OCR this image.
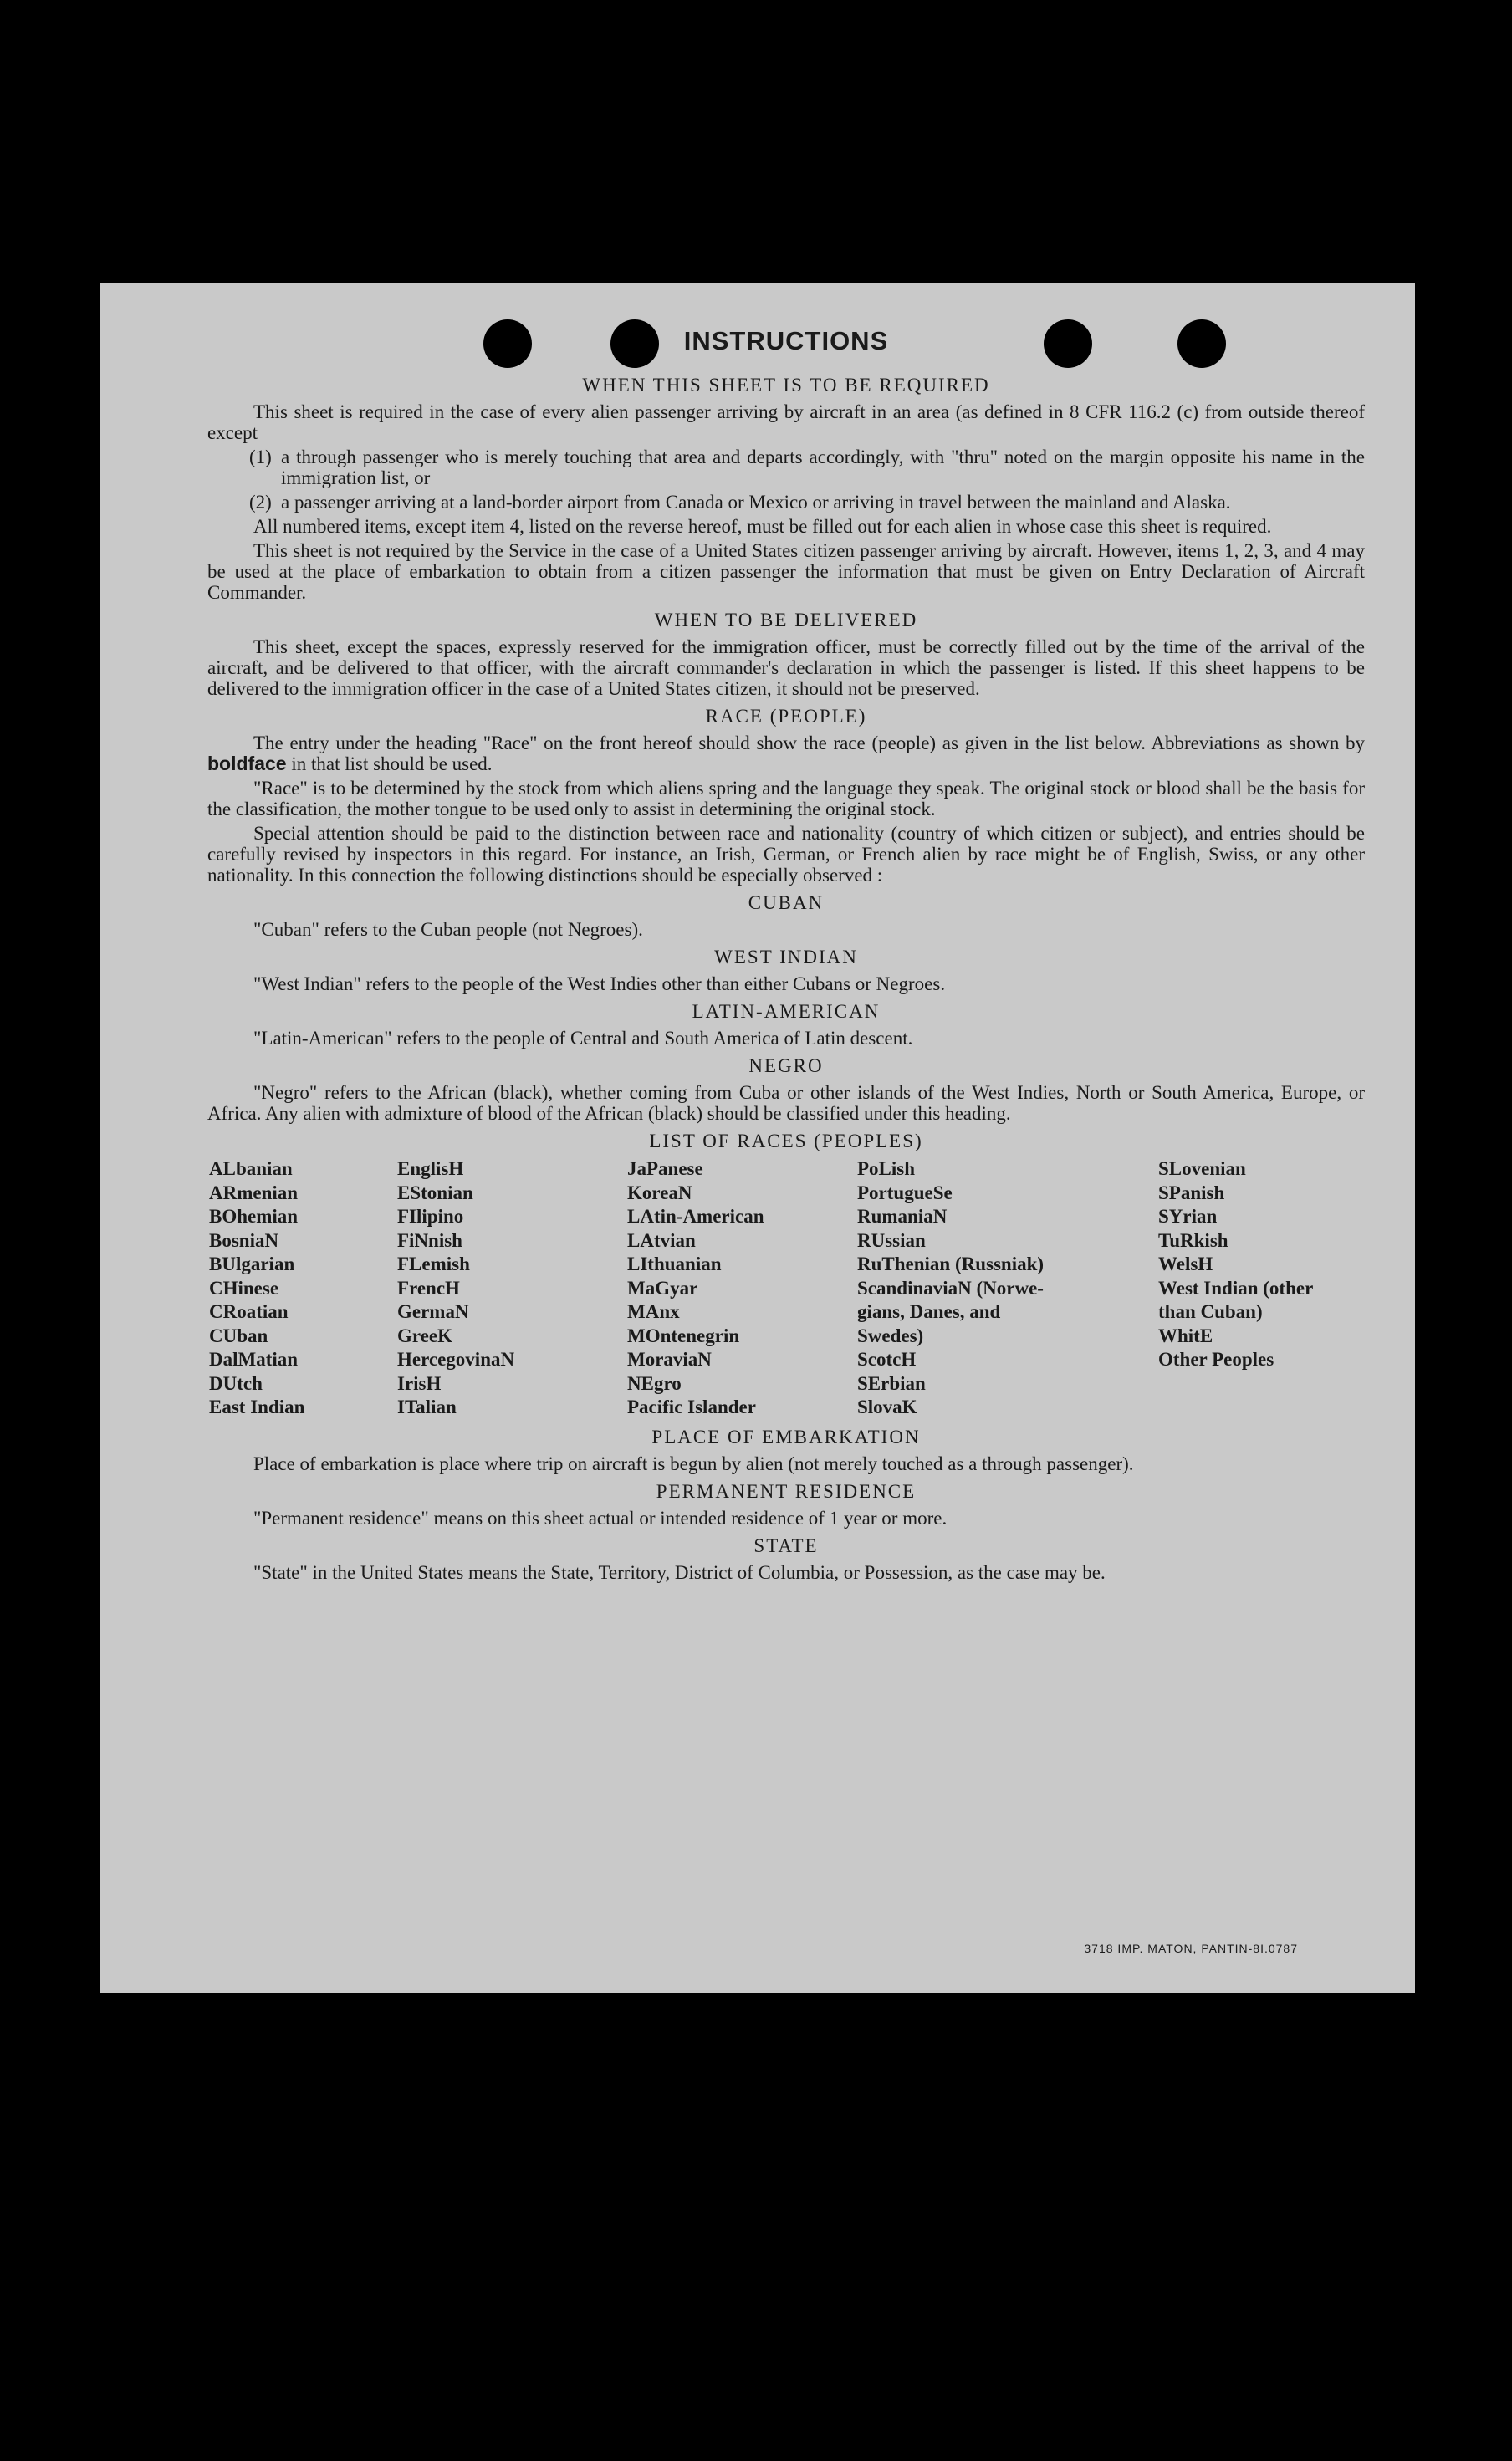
INSTRUCTIONS
WHEN THIS SHEET IS TO BE REQUIRED

This sheet is required in the case of every alien passenger arriving by aircraft in an area (as defined in 8 CFR 116.2 (c) from outside thereof except

(1) a through passenger who is merely touching that area and departs accordingly, with "thru" noted on the margin opposite his name in the immigration list, or

(2) a passenger arriving at a land-border airport from Canada or Mexico or arriving in travel between the mainland and Alaska.

All numbered items, except item 4, listed on the reverse hereof, must be filled out for each alien in whose case this sheet is required.

This sheet is not required by the Service in the case of a United States citizen passenger arriving by aircraft. However, items 1, 2, 3, and 4 may be used at the place of embarkation to obtain from a citizen passenger the information that must be given on Entry Declaration of Aircraft Commander.

WHEN TO BE DELIVERED

This sheet, except the spaces, expressly reserved for the immigration officer, must be correctly filled out by the time of the arrival of the aircraft, and be delivered to that officer, with the aircraft commander's declaration in which the passenger is listed. If this sheet happens to be delivered to the immigration officer in the case of a United States citizen, it should not be preserved.

RACE (PEOPLE)

The entry under the heading "Race" on the front hereof should show the race (people) as given in the list below. Abbreviations as shown by boldface in that list should be used.

"Race" is to be determined by the stock from which aliens spring and the language they speak. The original stock or blood shall be the basis for the classification, the mother tongue to be used only to assist in determining the original stock.

Special attention should be paid to the distinction between race and nationality (country of which citizen or subject), and entries should be carefully revised by inspectors in this regard. For instance, an Irish, German, or French alien by race might be of English, Swiss, or any other nationality. In this connection the following distinctions should be especially observed :

CUBAN

"Cuban" refers to the Cuban people (not Negroes).

WEST INDIAN

"West Indian" refers to the people of the West Indies other than either Cubans or Negroes.

LATIN-AMERICAN

"Latin-American" refers to the people of Central and South America of Latin descent.

NEGRO

"Negro" refers to the African (black), whether coming from Cuba or other islands of the West Indies, North or South America, Europe, or Africa. Any alien with admixture of blood of the African (black) should be classified under this heading.

LIST OF RACES (PEOPLES)
ALbanian
ARmenian
BOhemian
BosniaN
BUlgarian
CHinese
CRoatian
CUban
DalMatian
DUtch
East Indian
EnglisH
EStonian
FIlipino
FiNnish
FLemish
FrencH
GermaN
GreeK
HercegovinaN
IrisH
ITalian
JaPanese
KoreaN
LAtin-American
LAtvian
LIthuanian
MaGyar
MAnx
MOntenegrin
MoraviaN
NEgro
Pacific Islander
PoLish
PortugueSe
RumaniaN
RUssian
RuThenian (Russniak)
ScandinaviaN (Norwe-
gians, Danes, and
Swedes)
ScotcH
SErbian
SlovaK
SLovenian
SPanish
SYrian
TuRkish
WelsH
West Indian (other
than Cuban)
WhitE
Other Peoples
PLACE OF EMBARKATION

Place of embarkation is place where trip on aircraft is begun by alien (not merely touched as a through passenger).

PERMANENT RESIDENCE

"Permanent residence" means on this sheet actual or intended residence of 1 year or more.

STATE

"State" in the United States means the State, Territory, District of Columbia, or Possession, as the case may be.

3718 IMP. MATON, PANTIN-8I.0787
